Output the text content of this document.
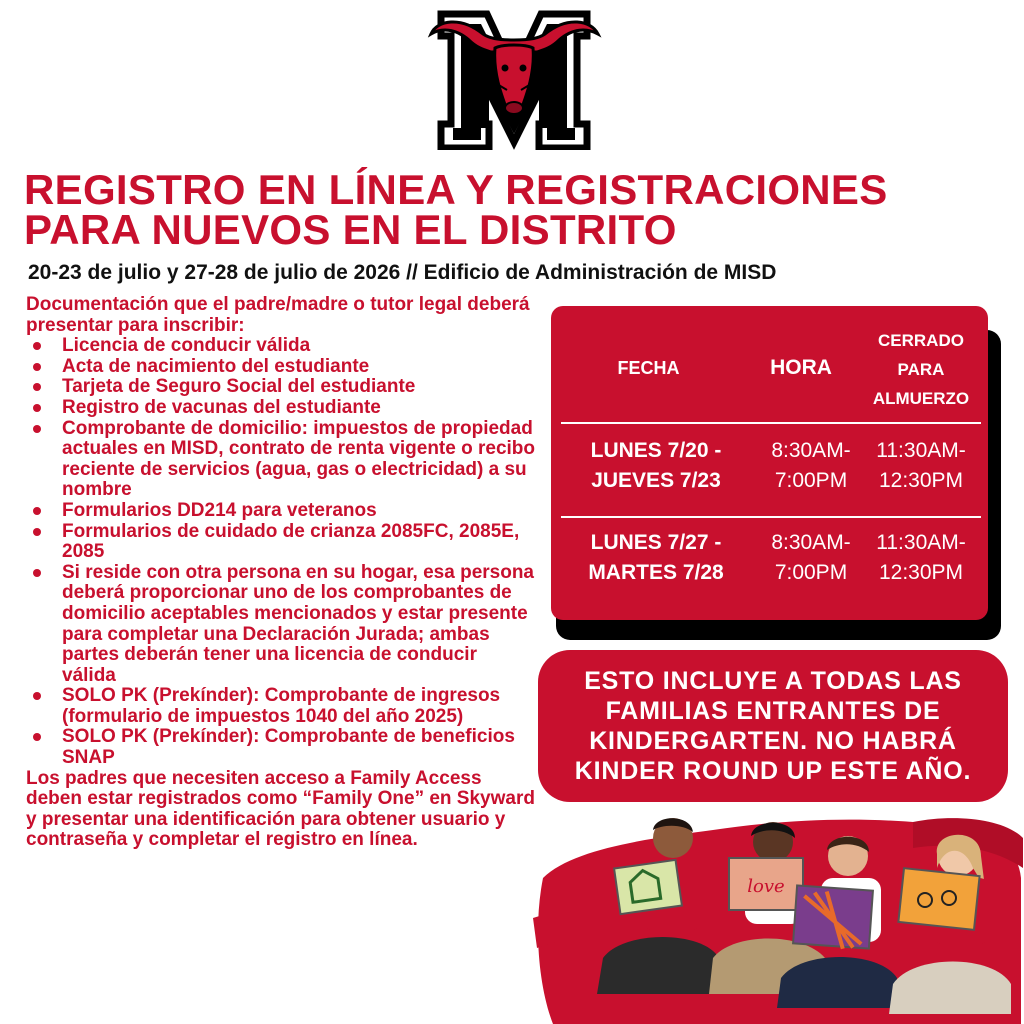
REGISTRO EN LÍNEA Y REGISTRACIONES
PARA NUEVOS EN EL DISTRITO
20-23 de julio y 27-28 de julio de 2026 // Edificio de Administración de MISD

Documentación que el padre/madre o tutor legal deberá presentar para inscribir:

Licencia de conducir válida
Acta de nacimiento del estudiante
Tarjeta de Seguro Social del estudiante
Registro de vacunas del estudiante
Comprobante de domicilio: impuestos de propiedad actuales en MISD, contrato de renta vigente o recibo reciente de servicios (agua, gas o electricidad) a su nombre
Formularios DD214 para veteranos
Formularios de cuidado de crianza 2085FC, 2085E, 2085
Si reside con otra persona en su hogar, esa persona deberá proporcionar uno de los comprobantes de domicilio aceptables mencionados y estar presente para completar una Declaración Jurada; ambas partes deberán tener una licencia de conducir válida
SOLO PK (Prekínder): Comprobante de ingresos (formulario de impuestos 1040 del año 2025)
SOLO PK (Prekínder): Comprobante de beneficios SNAP

Los padres que necesiten acceso a Family Access deben estar registrados como “Family One” en Skyward y presentar una identificación para obtener usuario y contraseña y completar el registro en línea.

FECHA	HORA
CERRADO
PARA
ALMUERZO
LUNES 7/20 -
JUEVES 7/23
8:30AM-
7:00PM
11:30AM-
12:30PM
LUNES 7/27 -
MARTES 7/28
8:30AM-
7:00PM
11:30AM-
12:30PM
ESTO INCLUYE A TODAS LAS FAMILIAS ENTRANTES DE KINDERGARTEN. NO HABRÁ KINDER ROUND UP ESTE AÑO.
love
